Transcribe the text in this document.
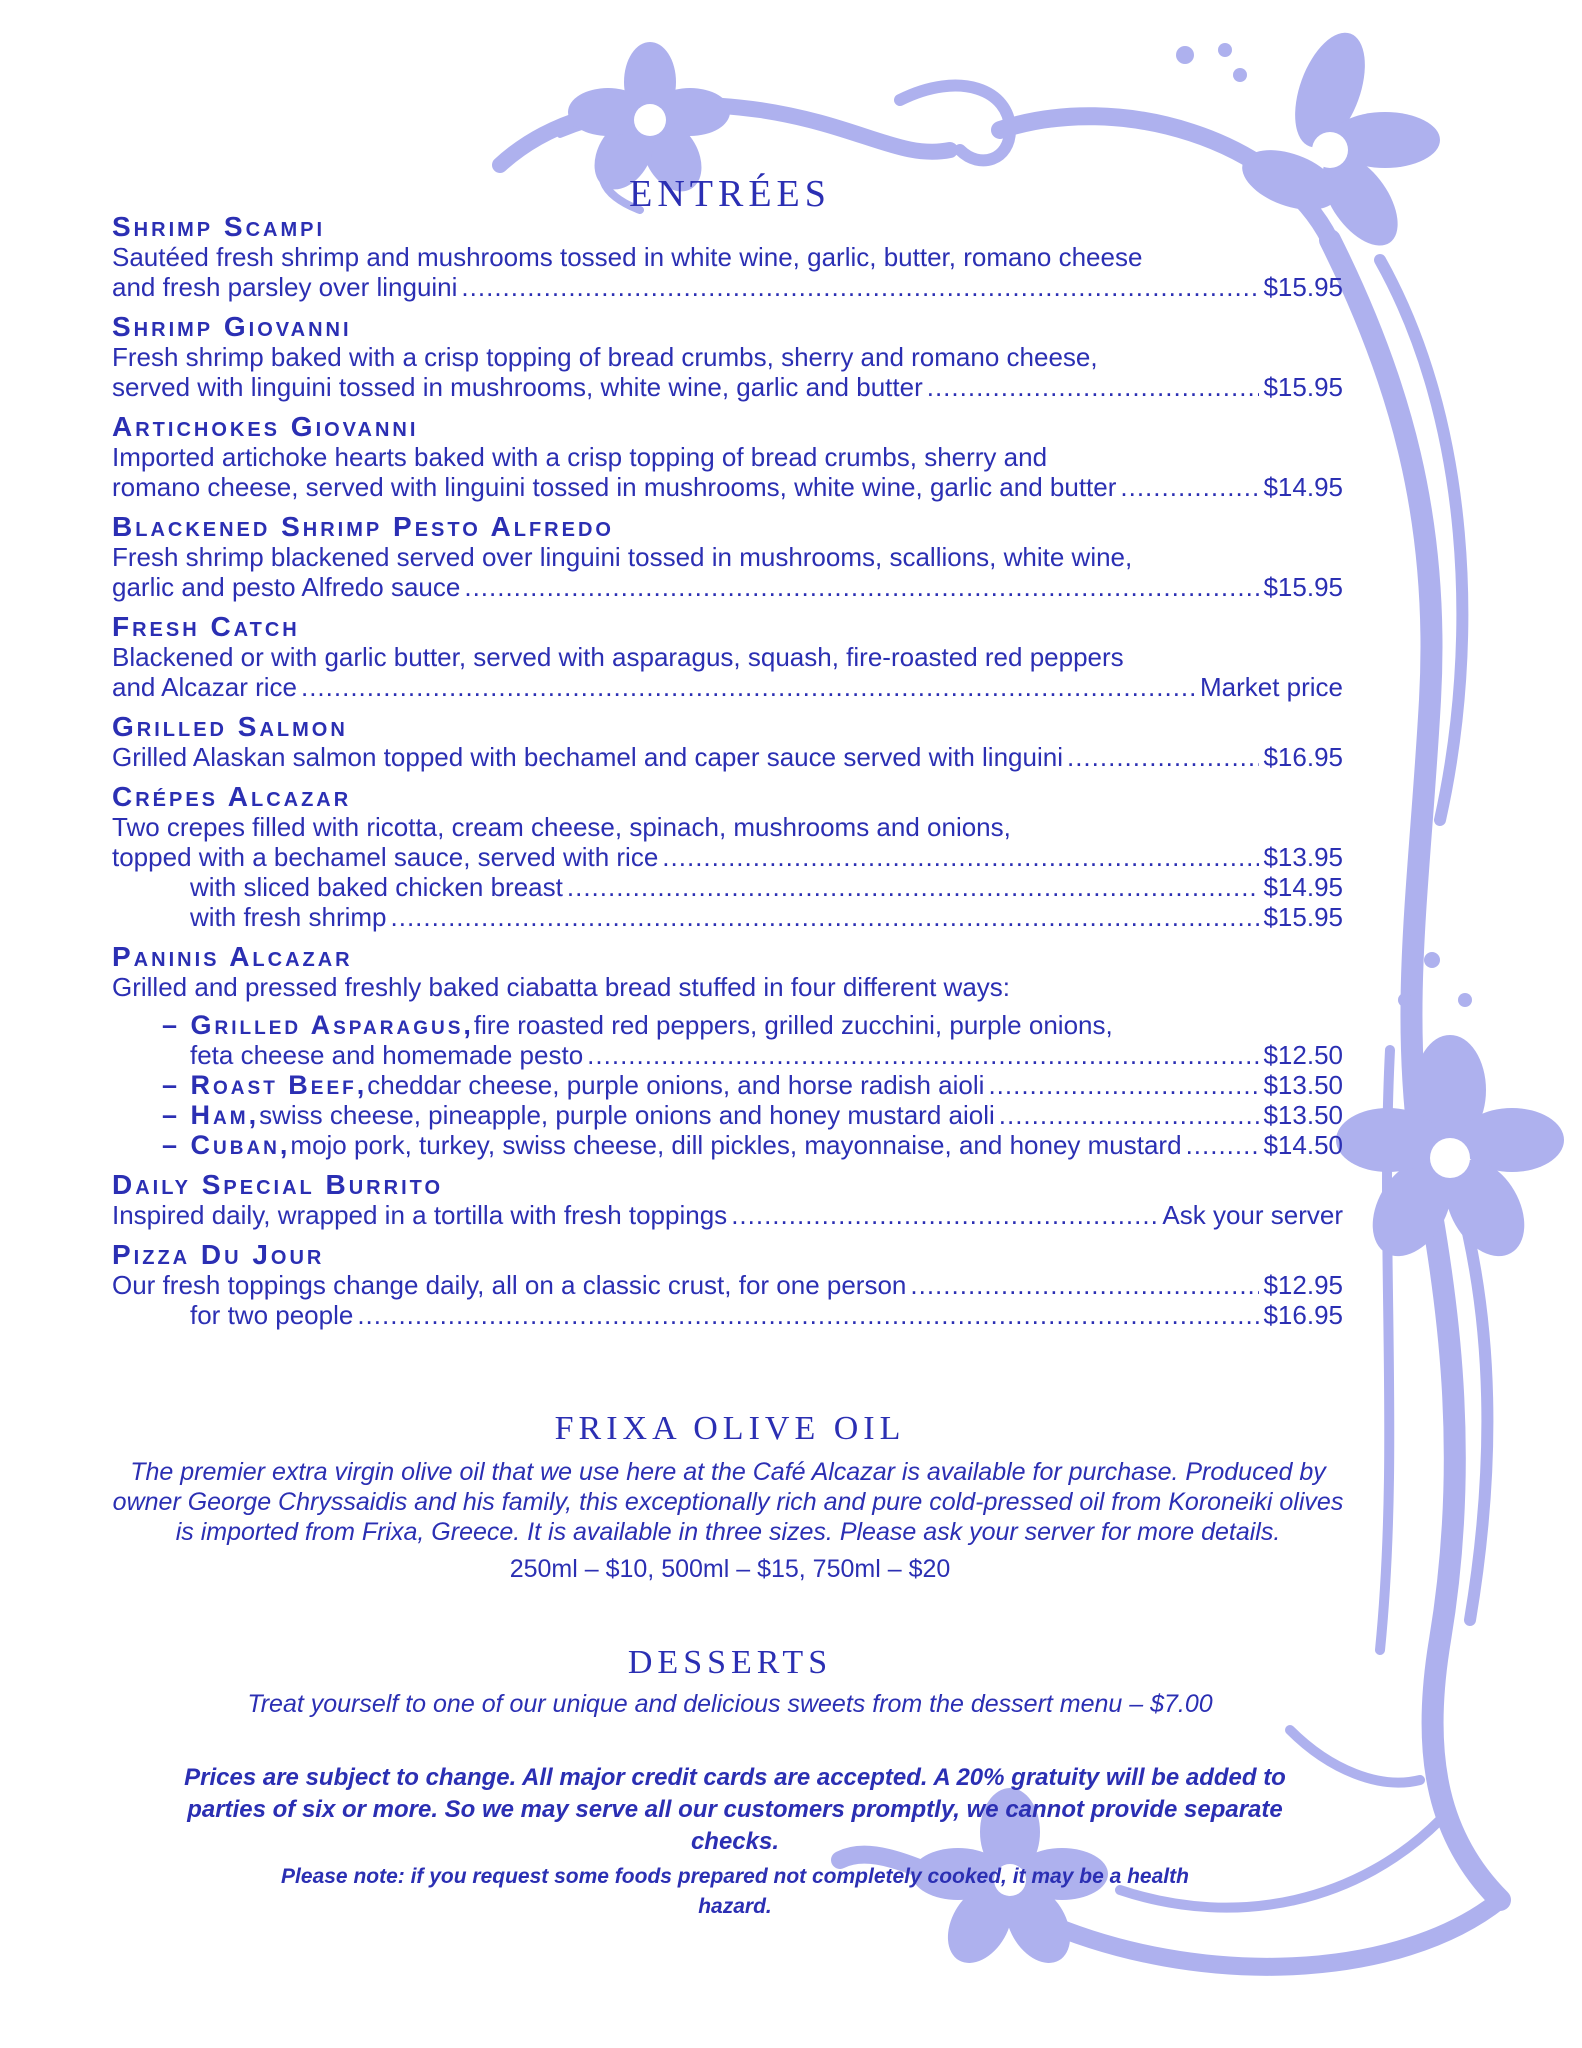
ENTRÉES
Shrimp Scampi
Sautéed fresh shrimp and mushrooms tossed in white wine, garlic, butter, romano cheese
and fresh parsley over linguini .....	$15.95
Shrimp Giovanni
Fresh shrimp baked with a crisp topping of bread crumbs, sherry and romano cheese,
served with linguini tossed in mushrooms, white wine, garlic and butter .....	$15.95
Artichokes Giovanni
Imported artichoke hearts baked with a crisp topping of bread crumbs, sherry and
romano cheese, served with linguini tossed in mushrooms, white wine, garlic and butter .....	$14.95
Blackened Shrimp Pesto Alfredo
Fresh shrimp blackened served over linguini tossed in mushrooms, scallions, white wine,
garlic and pesto Alfredo sauce .....	$15.95
Fresh Catch
Blackened or with garlic butter, served with asparagus, squash, fire-roasted red peppers
and Alcazar rice .....	Market price
Grilled Salmon
Grilled Alaskan salmon topped with bechamel and caper sauce served with linguini .....	$16.95
Crépes Alcazar
Two crepes filled with ricotta, cream cheese, spinach, mushrooms and onions,
topped with a bechamel sauce, served with rice .....	$13.95
with sliced baked chicken breast .....	$14.95
with fresh shrimp .....	$15.95
Paninis Alcazar
Grilled and pressed freshly baked ciabatta bread stuffed in four different ways:
– Grilled Asparagus, fire roasted red peppers, grilled zucchini, purple onions,
feta cheese and homemade pesto .....	$12.50
– Roast Beef, cheddar cheese, purple onions, and horse radish aioli .....	$13.50
– Ham, swiss cheese, pineapple, purple onions and honey mustard aioli .....	$13.50
– Cuban, mojo pork, turkey, swiss cheese, dill pickles, mayonnaise, and honey mustard .....	$14.50
Daily Special Burrito
Inspired daily, wrapped in a tortilla with fresh toppings .....	Ask your server
Pizza Du Jour
Our fresh toppings change daily, all on a classic crust, for one person .....	$12.95
for two people .....	$16.95
FRIXA OLIVE OIL
The premier extra virgin olive oil that we use here at the Café Alcazar is available for purchase. Produced by owner George Chryssaidis and his family, this exceptionally rich and pure cold-pressed oil from Koroneiki olives is imported from Frixa, Greece. It is available in three sizes. Please ask your server for more details.
250ml – $10, 500ml – $15, 750ml – $20
DESSERTS
Treat yourself to one of our unique and delicious sweets from the dessert menu – $7.00
Prices are subject to change. All major credit cards are accepted. A 20% gratuity will be added to parties of six or more. So we may serve all our customers promptly, we cannot provide separate checks.
Please note: if you request some foods prepared not completely cooked, it may be a health hazard.
